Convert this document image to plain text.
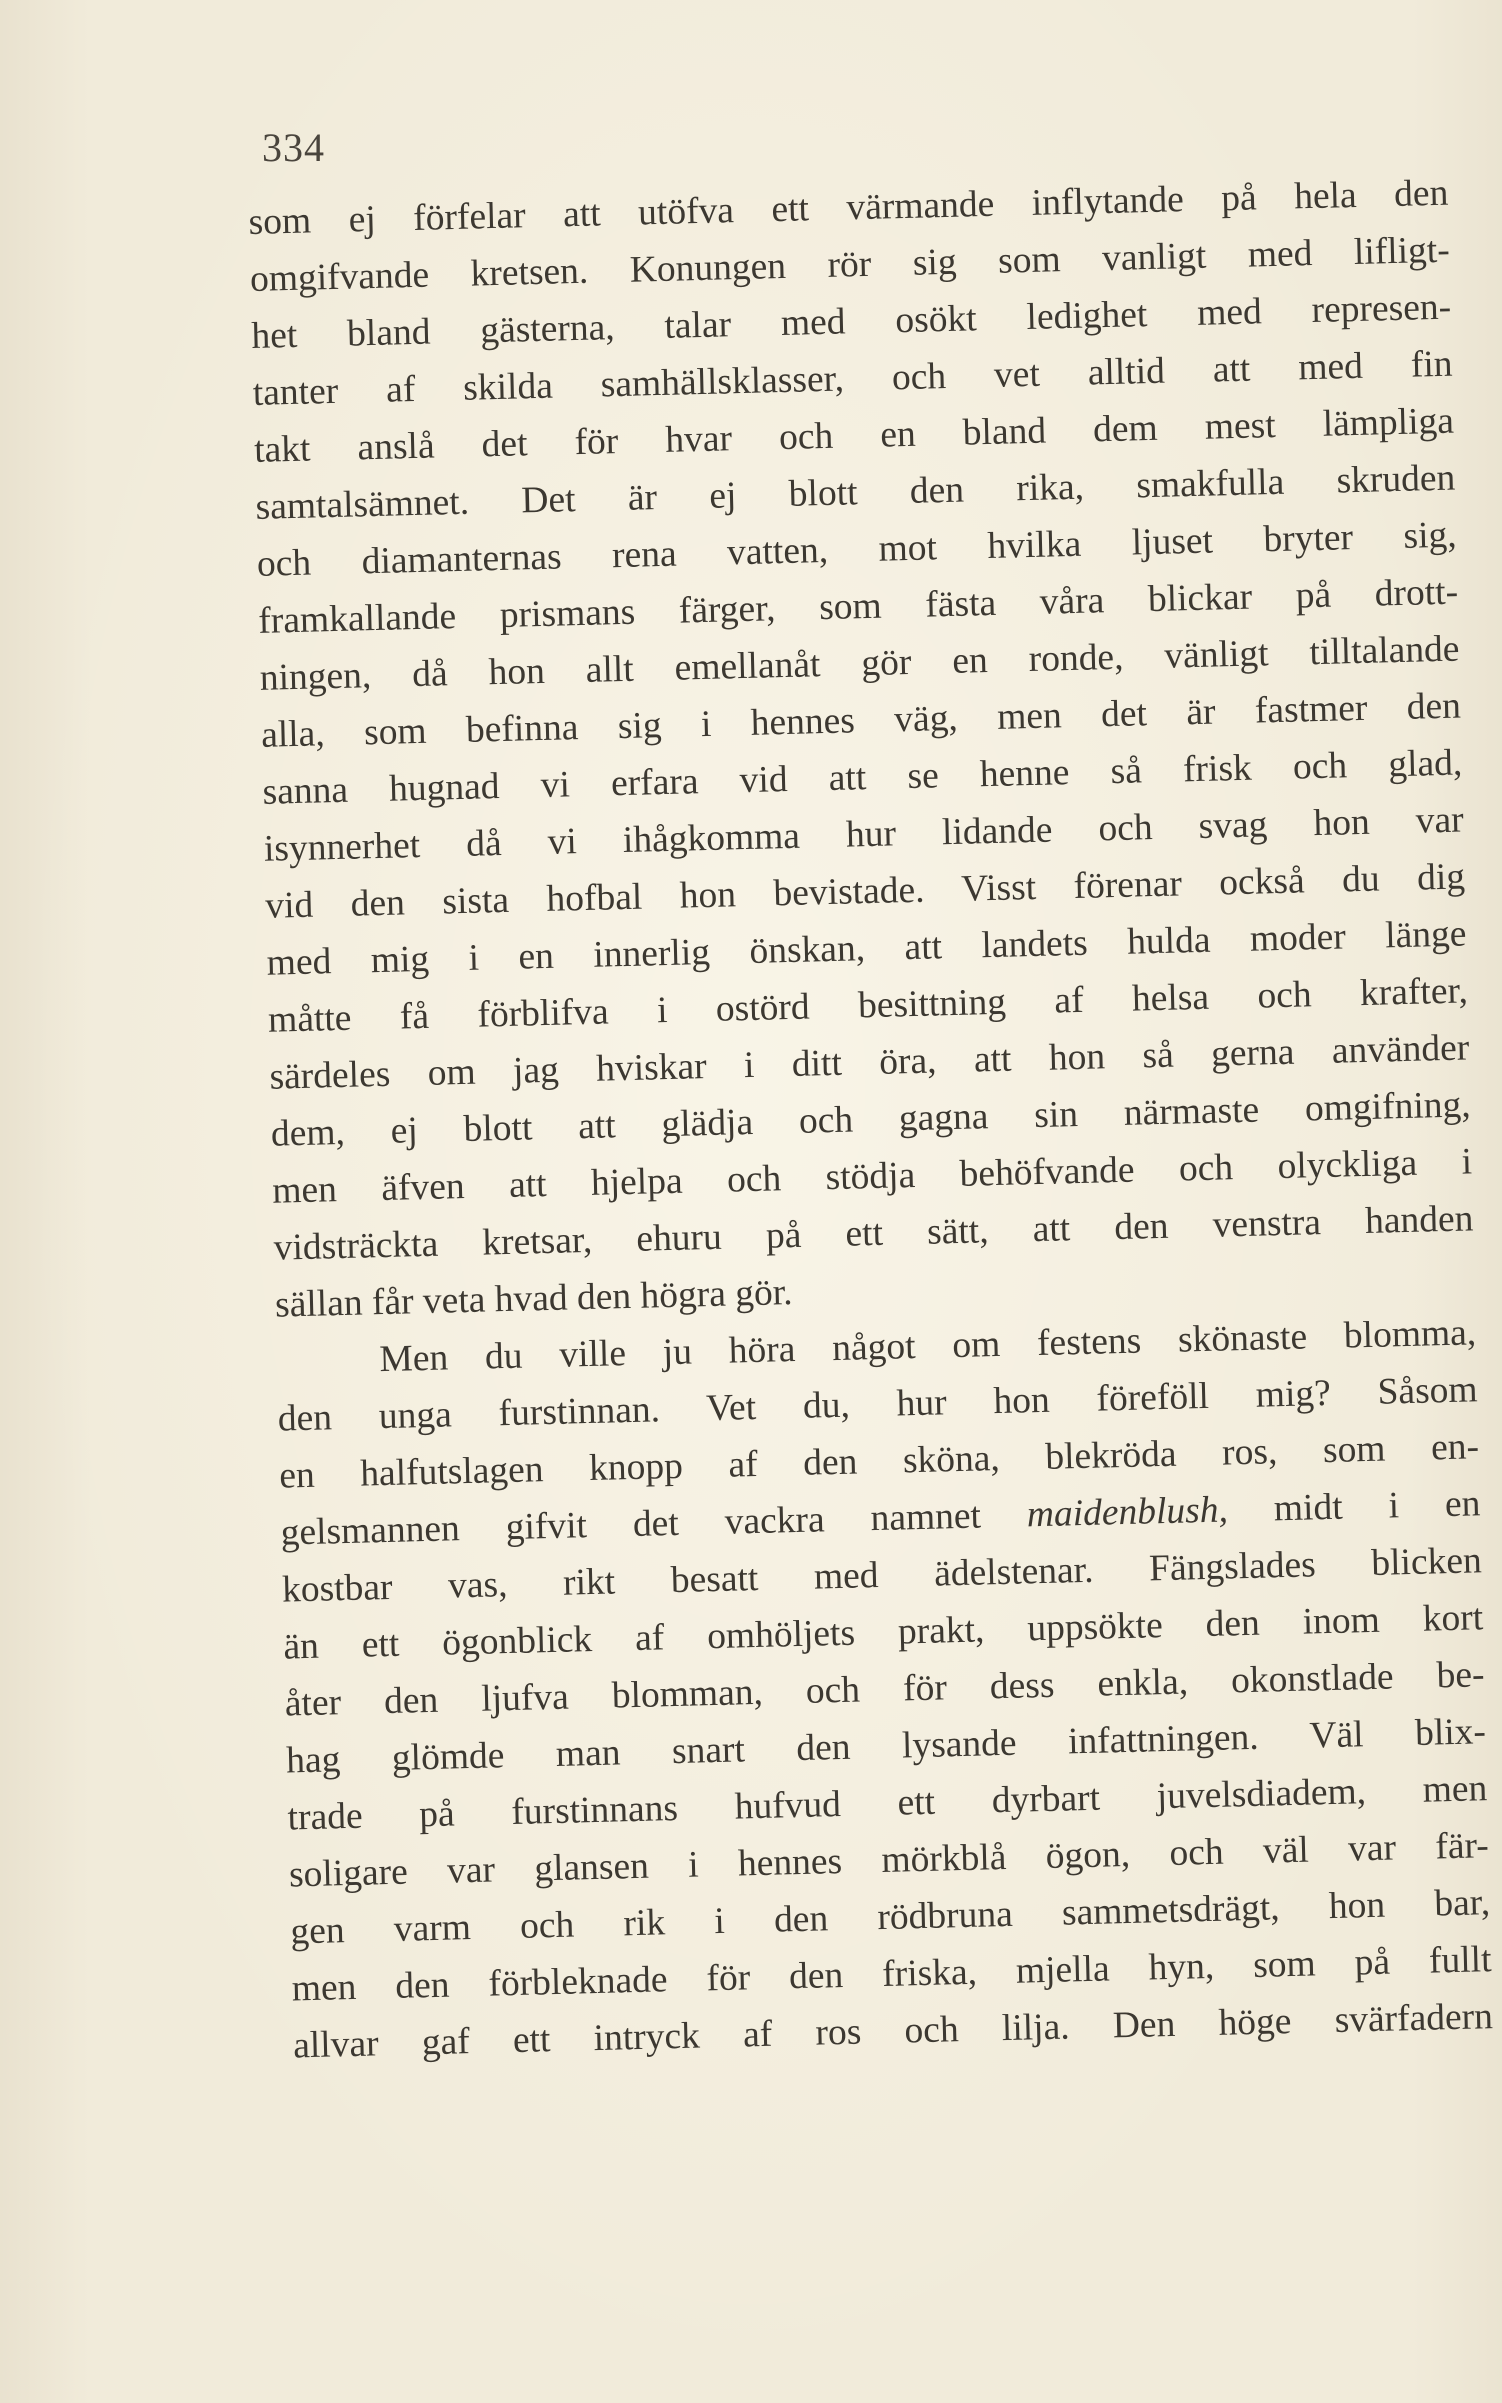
334
som ej förfelar att utöfva ett värmande inflytande på hela den
omgifvande kretsen. Konungen rör sig som vanligt med lifligt-
het bland gästerna, talar med osökt ledighet med represen-
tanter af skilda samhällsklasser, och vet alltid att med fin
takt anslå det för hvar och en bland dem mest lämpliga
samtalsämnet. Det är ej blott den rika, smakfulla skruden
och diamanternas rena vatten, mot hvilka ljuset bryter sig,
framkallande prismans färger, som fästa våra blickar på drott-
ningen, då hon allt emellanåt gör en ronde, vänligt tilltalande
alla, som befinna sig i hennes väg, men det är fastmer den
sanna hugnad vi erfara vid att se henne så frisk och glad,
isynnerhet då vi ihågkomma hur lidande och svag hon var
vid den sista hofbal hon bevistade. Visst förenar också du dig
med mig i en innerlig önskan, att landets hulda moder länge
måtte få förblifva i ostörd besittning af helsa och krafter,
särdeles om jag hviskar i ditt öra, att hon så gerna använder
dem, ej blott att glädja och gagna sin närmaste omgifning,
men äfven att hjelpa och stödja behöfvande och olyckliga i
vidsträckta kretsar, ehuru på ett sätt, att den venstra handen
sällan får veta hvad den högra gör.
Men du ville ju höra något om festens skönaste blomma,
den unga furstinnan. Vet du, hur hon föreföll mig? Såsom
en halfutslagen knopp af den sköna, blekröda ros, som en-
gelsmannen gifvit det vackra namnet maidenblush, midt i en
kostbar vas, rikt besatt med ädelstenar. Fängslades blicken
än ett ögonblick af omhöljets prakt, uppsökte den inom kort
åter den ljufva blomman, och för dess enkla, okonstlade be-
hag glömde man snart den lysande infattningen. Väl blix-
trade på furstinnans hufvud ett dyrbart juvelsdiadem, men
soligare var glansen i hennes mörkblå ögon, och väl var fär-
gen varm och rik i den rödbruna sammetsdrägt, hon bar,
men den förbleknade för den friska, mjella hyn, som på fullt
allvar gaf ett intryck af ros och lilja. Den höge svärfadern
